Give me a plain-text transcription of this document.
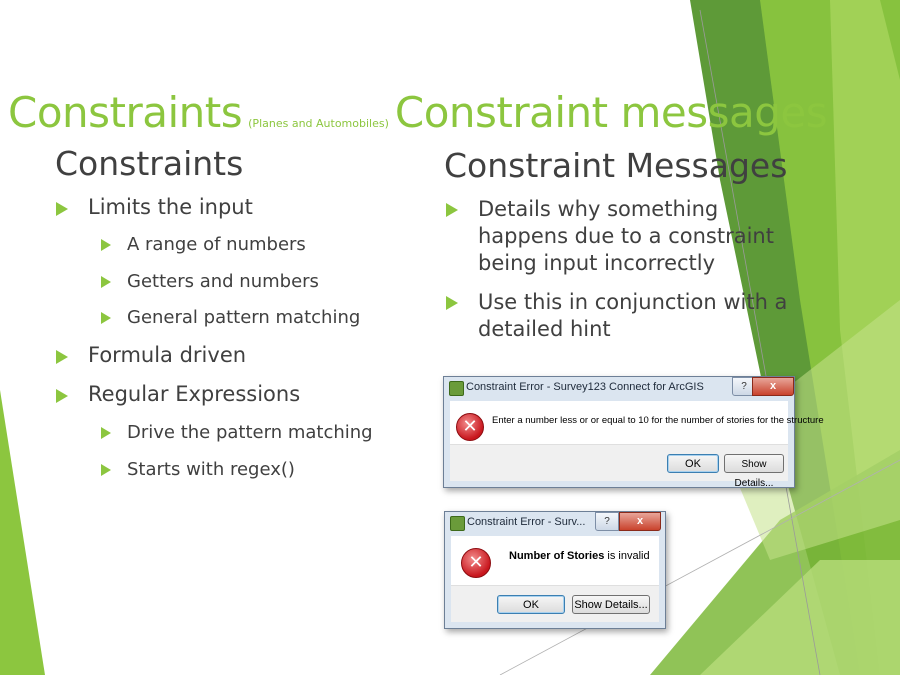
Constraints (Planes and Automobiles) Constraint messages
Constraints
Limits the input
A range of numbers
Getters and numbers
General pattern matching
Formula driven
Regular Expressions
Drive the pattern matching
Starts with regex()
Constraint Messages
Details why something
happens due to a constraint
being input incorrectly
Use this in conjunction with a
detailed hint
Constraint Error - Survey123 Connect for ArcGIS	?	x
✕	Enter a number less or or equal to 10 for the number of stories for the structure
OK	Show Details...
Constraint Error - Surv...	?	x
✕	Number of Stories is invalid
OK	Show Details...
